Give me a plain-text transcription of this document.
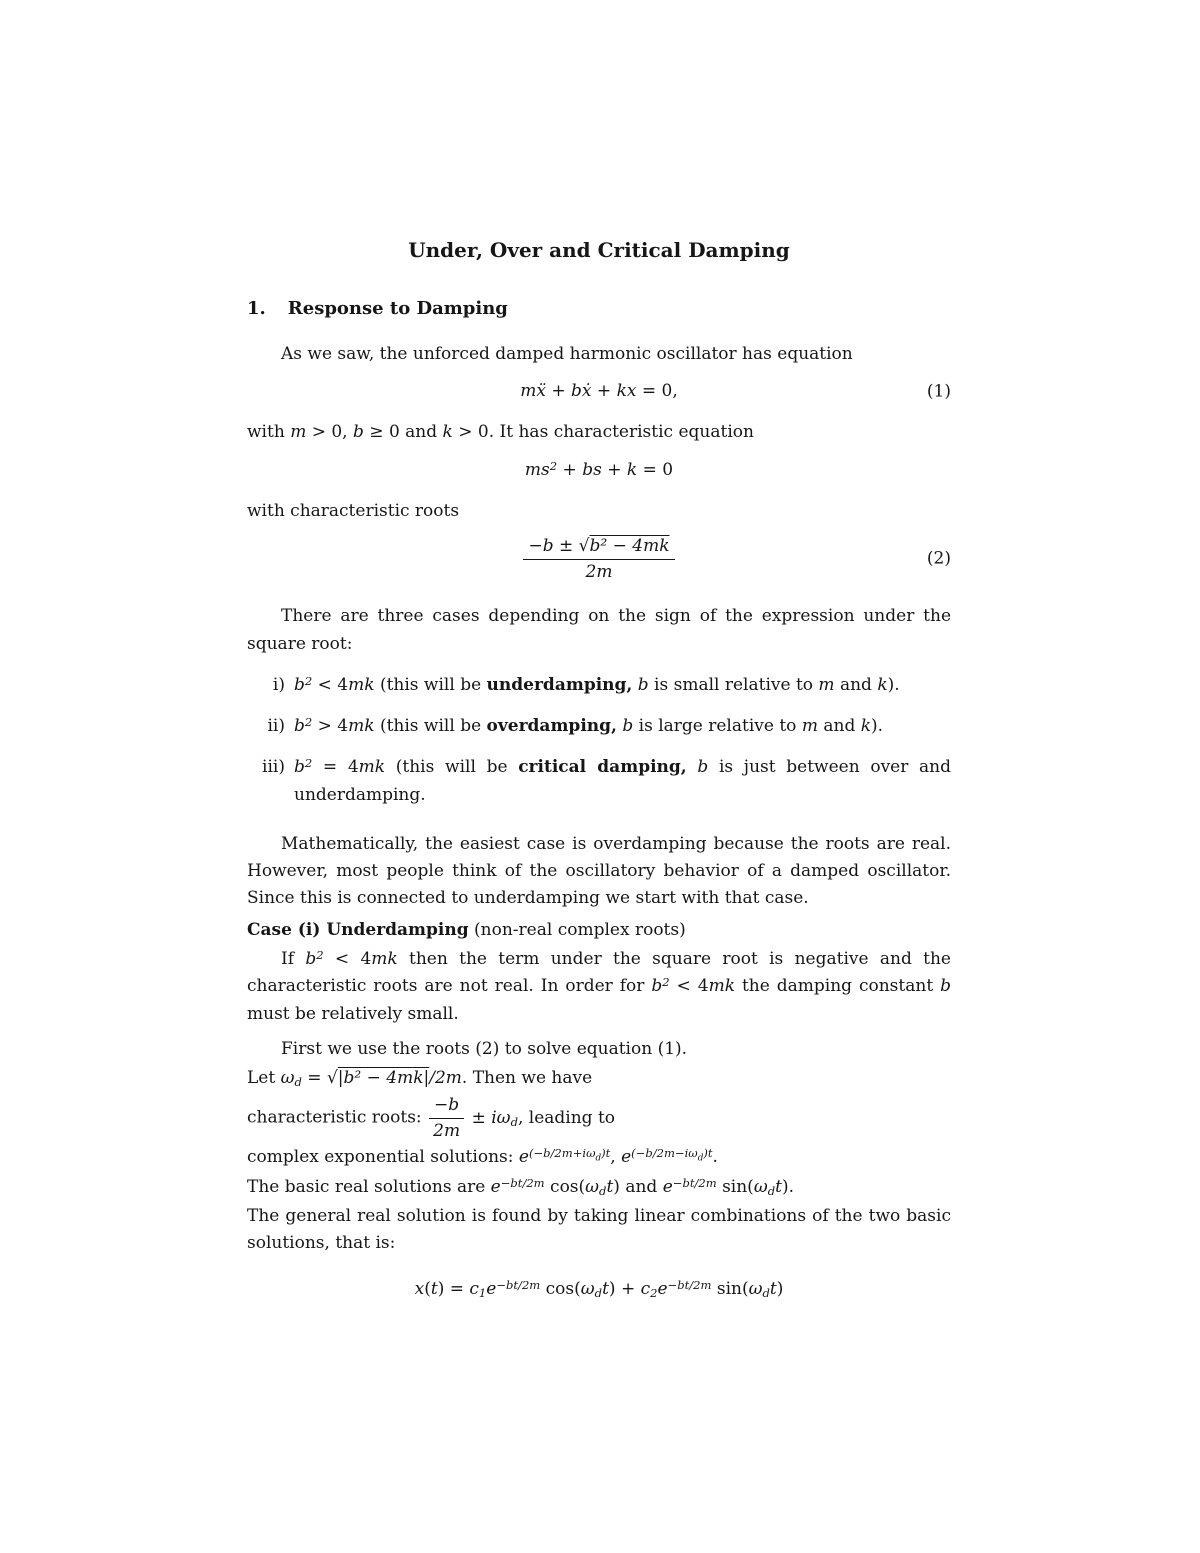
Under, Over and Critical Damping
1. Response to Damping

As we saw, the unforced damped harmonic oscillator has equation

mẍ + bẋ + kx = 0,	(1)

with m > 0, b ≥ 0 and k > 0. It has characteristic equation

$ms^2$ + bs + k = 0

with characteristic roots

$\frac{\text{−b ± √b² − 4mk}}{2m}$	(2)

There are three cases depending on the sign of the expression under the square root:

i) $b^2 < 4mk$ (this will be underdamping, b is small relative to m and k).
ii) $b^2 > 4mk$ (this will be overdamping, b is large relative to m and k).
iii) $b^2 = 4mk$ (this will be critical damping, b is just between over and underdamping.

Mathematically, the easiest case is overdamping because the roots are real. However, most people think of the oscillatory behavior of a damped oscillator. Since this is connected to underdamping we start with that case.

Case (i) Underdamping (non-real complex roots)

If $b^2 < 4mk$ then the term under the square root is negative and the characteristic roots are not real. In order for $b^2 < 4mk$ the damping constant b must be relatively small.

First we use the roots (2) to solve equation (1).

Let ωd = √|b² − 4mk|/2m. Then we have

characteristic roots: $\frac{-b}{2m} \pm i\omega d$, leading to

complex exponential solutions: $e^{(-b/2m+i\omega}d^{)t}$, $e^{(-b/2m-i\omega}d^{)t}$.

The basic real solutions are $e^{-bt/2m}$ cos(ωdt) and $e^{-bt/2m}$ sin(ωdt).

The general real solution is found by taking linear combinations of the two basic solutions, that is:

$x(t) = c1e^{-bt/2m}$ $\cos(\omega dt) + c2e^{-bt/2m}$ sin(ωdt)
